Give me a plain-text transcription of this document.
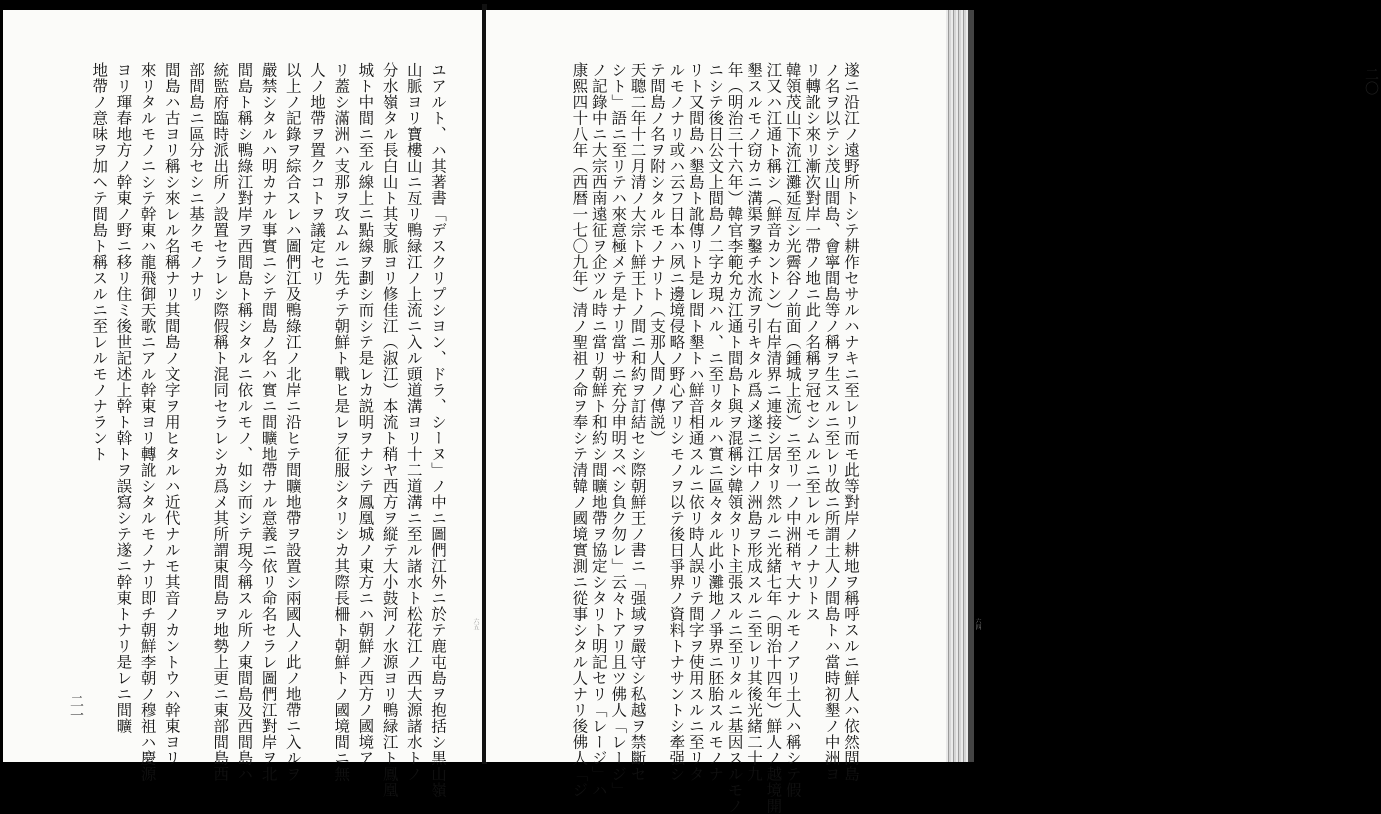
二一
六五
ユアルト、ハ其著書「デスクリプシヨン、ドラ、シーヌ」ノ中ニ圖們江外ニ於テ鹿屯島ヲ抱括シ黒山嶺
山脈ヨリ寶樓山ニ亙リ鴨緑江ノ上流ニ入ル頭道溝ヨリ十二道溝ニ至ル諸水ト松花江ノ西大源諸水トノ
分水嶺タル長白山ト其支脈ヨリ修佳江（淑江）本流ト稍ヤ西方ヲ縦テ大小鼓河ノ水源ヨリ鴨緑江ト鳳凰
城ト中間ニ至ル線上ニ點線ヲ劃シ而シテ是レカ説明ヲナシテ鳳凰城ノ東方ニハ朝鮮ノ西方ノ國境ア
リ蓋シ滿洲ハ支那ヲ攻ムルニ先チテ朝鮮ト戰ヒ是レヲ征服シタリシカ其際長柵ト朝鮮トノ國境間ニ無
人ノ地帶ヲ置クコトヲ議定セリ
以上ノ記錄ヲ綜合スレハ圖們江及鴨綠江ノ北岸ニ沿ヒテ間曠地帶ヲ設置シ兩國人ノ此ノ地帶ニ入ルヲ
嚴禁シタルハ明カナル事實ニシテ間島ノ名ハ實ニ間曠地帶ナル意義ニ依リ命名セラレ圖們江對岸ヲ北
間島ト稱シ鴨綠江對岸ヲ西間島ト稱シタルニ依ルモノ、如シ而シテ現今稱スル所ノ東間島及西間島ハ
統監府臨時派出所ノ設置セラレシ際假稱ト混同セラレシカ爲メ其所謂東間島ヲ地勢上更ニ東部間島西
部間島ニ區分セシニ基クモノナリ
間島ハ古ヨリ稱シ來レル名稱ナリ其間島ノ文字ヲ用ヒタルハ近代ナルモ其音ノカントウハ幹東ヨリ
來リタルモノニシテ幹東ハ龍飛御天歌ニアル幹東ヨリ轉訛シタルモノナリ即チ朝鮮李朝ノ穆祖ハ慶源
ヨリ琿春地方ノ幹東ノ野ニ移リ住ミ後世記述上幹ト斡トヲ誤寫シテ遂ニ幹東トナリ是レニ間曠
地帶ノ意味ヲ加ヘテ間島ト稱スルニ至レルモノナラント	二〇
六四
遂ニ沿江ノ遠野所トシテ耕作セサルハナキニ至レリ而モ此等對岸ノ耕地ヲ稱呼スルニ鮮人ハ依然間島
ノ名ヲ以テシ茂山間島、會寧間島等ノ稱ヲ生スルニ至レリ故ニ所謂土人ノ間島トハ當時初墾ノ中洲ヨ
リ轉訛シ來リ漸次對岸一帶ノ地ニ此ノ名稱ヲ冠セシムルニ至レルモノナリトス
韓領茂山下流江灘延亙シ光霽谷ノ前面（鍾城上流）ニ至リ一ノ中洲稍ャ大ナルモノアリ土人ハ稱シテ假
江又ハ江通ト稱シ（鮮音カントン）右岸清界ニ連接シ居タリ然ルニ光緒七年（明治十四年）鮮人ノ越境開
墾スルモノ窃カニ溝渠ヲ鑿チ水流ヲ引キタル爲メ遂ニ江中ノ洲島ヲ形成スルニ至レリ其後光緒二十九
年（明治三十六年）韓官李範允カ江通ト間島ト與ヲ混稱シ韓領タリト主張スルニ至リタルニ基因スルモノ
ニシテ後日公文上間島ノ二字カ現ハル、ニ至リタルハ實ニ區々タル此小灘地ノ爭界ニ胚胎スルモノナ
リト又間島ハ墾島ト訛傳リト是レ間ト墾トハ鮮音相通スルニ依リ時人誤リテ間字ヲ使用スルニ至リタ
ルモノナリ或ハ云フ日本ハ夙ニ邊境侵略ノ野心アリシモノヲ以テ後日爭界ノ資料トナサントシ牽强シ
テ間島ノ名ヲ附シタルモノナリト（支那人間ノ傳説）
天聰二年十二月清ノ大宗ト鮮王トノ間ニ和約ヲ訂結セシ際朝鮮王ノ書ニ「强域ヲ嚴守シ私越ヲ禁斷セ
シト」語ニ至リテハ來意極メテ是ナリ當サニ充分申明スベシ負ク勿レ」云々トアリ且ツ佛人「レージ」
ノ記錄中ニ大宗西南遠征ヲ企ツル時ニ當リ朝鮮ト和約シ間曠地帶ヲ協定シタリト明記セリ「レージ」ハ
康熙四十八年（西暦一七〇九年）清ノ聖祖ノ命ヲ奉シテ清韓ノ國境實測ニ從事シタル人ナリ後佛人「ジ
